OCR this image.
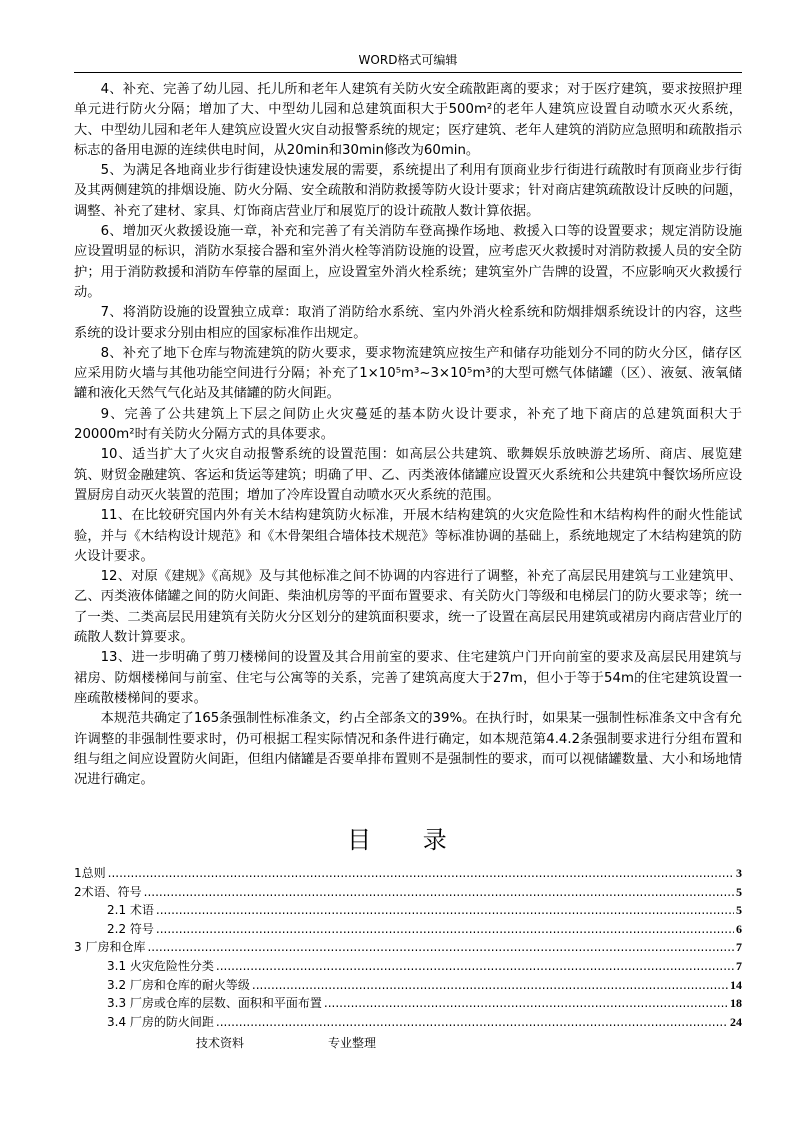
WORD格式可编辑

4、补充、完善了幼儿园、托儿所和老年人建筑有关防火安全疏散距离的要求；对于医疗建筑，要求按照护理单元进行防火分隔；增加了大、中型幼儿园和总建筑面积大于500m²的老年人建筑应设置自动喷水灭火系统，大、中型幼儿园和老年人建筑应设置火灾自动报警系统的规定；医疗建筑、老年人建筑的消防应急照明和疏散指示标志的备用电源的连续供电时间，从20min和30min修改为60min。

5、为满足各地商业步行街建设快速发展的需要，系统提出了利用有顶商业步行街进行疏散时有顶商业步行街及其两侧建筑的排烟设施、防火分隔、安全疏散和消防救援等防火设计要求；针对商店建筑疏散设计反映的问题，调整、补充了建材、家具、灯饰商店营业厅和展览厅的设计疏散人数计算依据。

6、增加灭火救援设施一章，补充和完善了有关消防车登高操作场地、救援入口等的设置要求；规定消防设施应设置明显的标识，消防水泵接合器和室外消火栓等消防设施的设置，应考虑灭火救援时对消防救援人员的安全防护；用于消防救援和消防车停靠的屋面上，应设置室外消火栓系统；建筑室外广告牌的设置，不应影响灭火救援行动。

7、将消防设施的设置独立成章：取消了消防给水系统、室内外消火栓系统和防烟排烟系统设计的内容，这些系统的设计要求分别由相应的国家标准作出规定。

8、补充了地下仓库与物流建筑的防火要求，要求物流建筑应按生产和储存功能划分不同的防火分区，储存区应采用防火墙与其他功能空间进行分隔；补充了1×10⁵m³~3×10⁵m³的大型可燃气体储罐（区）、液氨、液氧储罐和液化天然气气化站及其储罐的防火间距。

9、完善了公共建筑上下层之间防止火灾蔓延的基本防火设计要求，补充了地下商店的总建筑面积大于20000m²时有关防火分隔方式的具体要求。

10、适当扩大了火灾自动报警系统的设置范围：如高层公共建筑、歌舞娱乐放映游艺场所、商店、展览建筑、财贸金融建筑、客运和货运等建筑；明确了甲、乙、丙类液体储罐应设置灭火系统和公共建筑中餐饮场所应设置厨房自动灭火装置的范围；增加了冷库设置自动喷水灭火系统的范围。

11、在比较研究国内外有关木结构建筑防火标准，开展木结构建筑的火灾危险性和木结构构件的耐火性能试验，并与《木结构设计规范》和《木骨架组合墙体技术规范》等标准协调的基础上，系统地规定了木结构建筑的防火设计要求。

12、对原《建规》《高规》及与其他标准之间不协调的内容进行了调整，补充了高层民用建筑与工业建筑甲、乙、丙类液体储罐之间的防火间距、柴油机房等的平面布置要求、有关防火门等级和电梯层门的防火要求等；统一了一类、二类高层民用建筑有关防火分区划分的建筑面积要求，统一了设置在高层民用建筑或裙房内商店营业厅的疏散人数计算要求。

13、进一步明确了剪刀楼梯间的设置及其合用前室的要求、住宅建筑户门开向前室的要求及高层民用建筑与裙房、防烟楼梯间与前室、住宅与公寓等的关系，完善了建筑高度大于27m，但小于等于54m的住宅建筑设置一座疏散楼梯间的要求。

本规范共确定了165条强制性标准条文，约占全部条文的39%。在执行时，如果某一强制性标准条文中含有允许调整的非强制性要求时，仍可根据工程实际情况和条件进行确定，如本规范第4.4.2条强制要求进行分组布置和组与组之间应设置防火间距，但组内储罐是否要单排布置则不是强制性的要求，而可以视储罐数量、大小和场地情况进行确定。

目 录
1总则 .....	3
2术语、符号 .....	5
2.1 术语 .....	5
2.2 符号 .....	6
3 厂房和仓库 .....	7
3.1 火灾危险性分类 .....	7
3.2 厂房和仓库的耐火等级 .....	14
3.3 厂房或仓库的层数、面积和平面布置 .....	18
3.4 厂房的防火间距 .....	24
技术资料	专业整理
